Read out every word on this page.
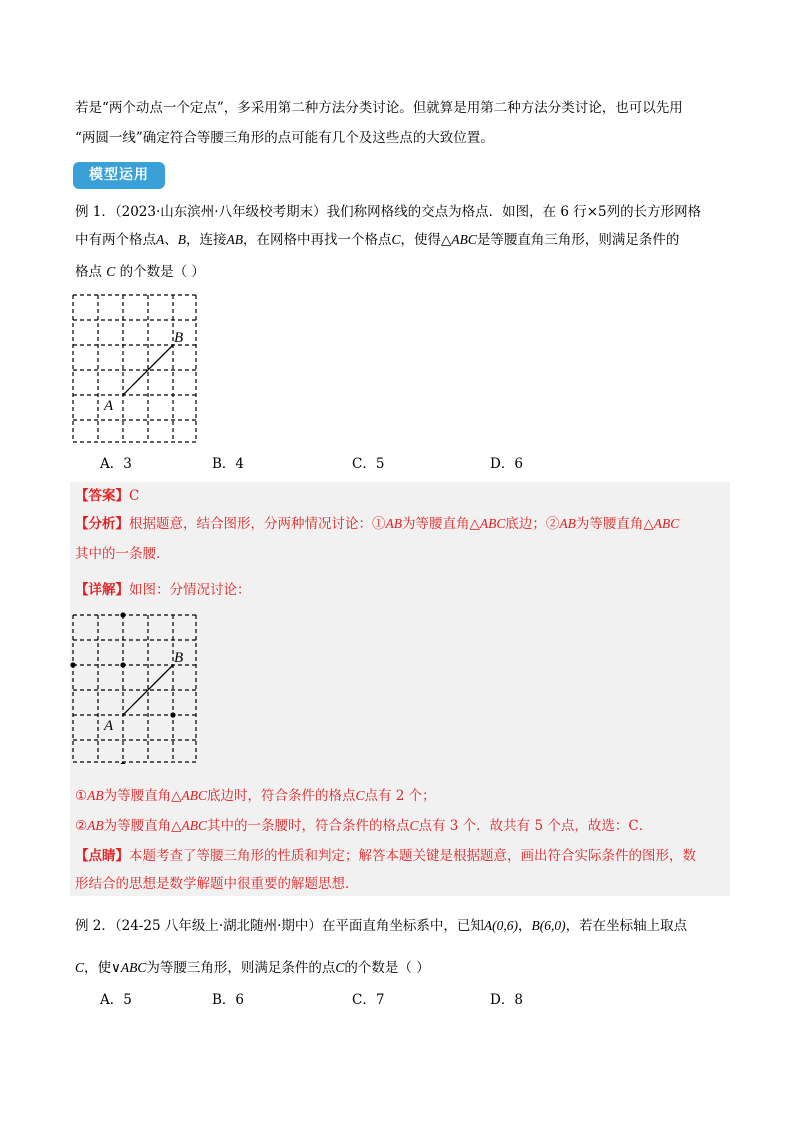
若是“两个动点一个定点”，多采用第二种方法分类讨论。但就算是用第二种方法分类讨论，也可以先用
“两圆一线”确定符合等腰三角形的点可能有几个及这些点的大致位置。
模型运用
例 1．（2023·山东滨州·八年级校考期末）我们称网格线的交点为格点．如图，在 6 行×5列的长方形网格
中有两个格点A、B，连接AB，在网格中再找一个格点C，使得△ABC是等腰直角三角形，则满足条件的
格点 C 的个数是（ ）
A
B
A．3	B．4	C．5	D．6
【答案】C
【分析】根据题意，结合图形，分两种情况讨论：①AB为等腰直角△ABC底边；②AB为等腰直角△ABC
其中的一条腰．
【详解】如图：分情况讨论：
A
B
①AB为等腰直角△ABC底边时，符合条件的格点C点有 2 个；
②AB为等腰直角△ABC其中的一条腰时，符合条件的格点C点有 3 个．故共有 5 个点，故选：C．
【点睛】本题考查了等腰三角形的性质和判定；解答本题关键是根据题意，画出符合实际条件的图形，数
形结合的思想是数学解题中很重要的解题思想．
例 2．（24-25 八年级上·湖北随州·期中）在平面直角坐标系中，已知A(0,6)，B(6,0)，若在坐标轴上取点
C，使∨ABC为等腰三角形，则满足条件的点C的个数是（ ）
A．5	B．6	C．7	D．8
